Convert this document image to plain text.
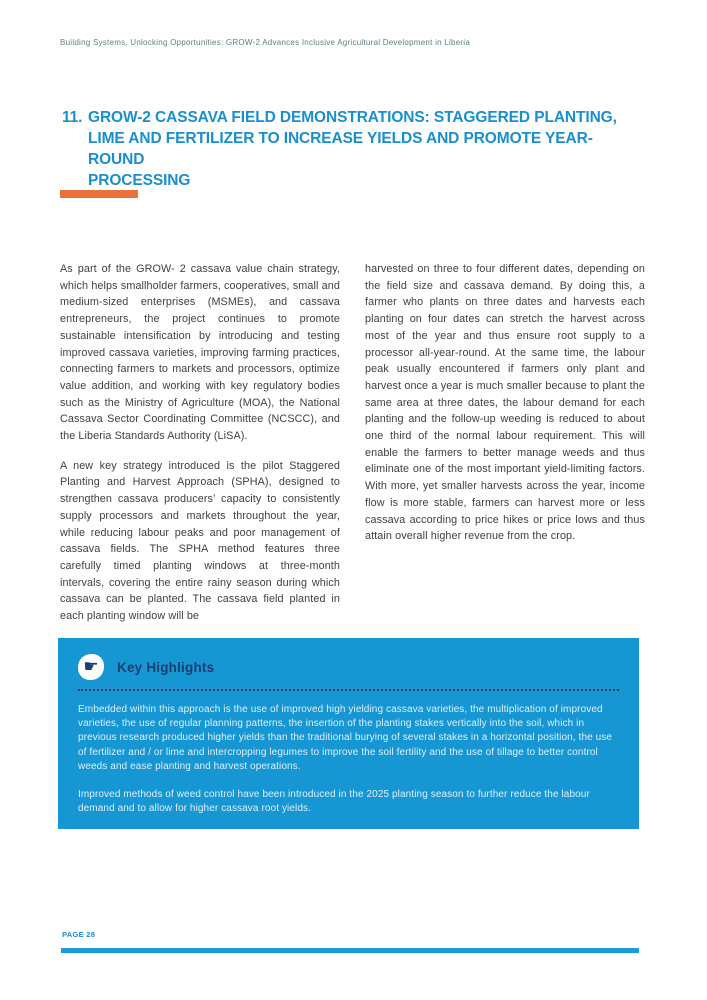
Building Systems, Unlocking Opportunities: GROW-2 Advances Inclusive Agricultural Development in Liberia
11. GROW-2 CASSAVA FIELD DEMONSTRATIONS: STAGGERED PLANTING,
LIME AND FERTILIZER TO INCREASE YIELDS AND PROMOTE YEAR-ROUND
PROCESSING

As part of the GROW- 2 cassava value chain strategy, which helps smallholder farmers, cooperatives, small and medium-sized enterprises (MSMEs), and cassava entrepreneurs, the project continues to promote sustainable intensification by introducing and testing improved cassava varieties, improving farming practices, connecting farmers to markets and processors, optimize value addition, and working with key regulatory bodies such as the Ministry of Agriculture (MOA), the National Cassava Sector Coordinating Committee (NCSCC), and the Liberia Standards Authority (LiSA).

A new key strategy introduced is the pilot Staggered Planting and Harvest Approach (SPHA), designed to strengthen cassava producers’ capacity to consistently supply processors and markets throughout the year, while reducing labour peaks and poor management of cassava fields. The SPHA method features three carefully timed planting windows at three-month intervals, covering the entire rainy season during which cassava can be planted. The cassava field planted in each planting window will be

harvested on three to four different dates, depending on the field size and cassava demand. By doing this, a farmer who plants on three dates and harvests each planting on four dates can stretch the harvest across most of the year and thus ensure root supply to a processor all-year-round. At the same time, the labour peak usually encountered if farmers only plant and harvest once a year is much smaller because to plant the same area at three dates, the labour demand for each planting and the follow-up weeding is reduced to about one third of the normal labour requirement. This will enable the farmers to better manage weeds and thus eliminate one of the most important yield-limiting factors. With more, yet smaller harvests across the year, income flow is more stable, farmers can harvest more or less cassava according to price hikes or price lows and thus attain overall higher revenue from the crop.

☛	Key Highlights

Embedded within this approach is the use of improved high yielding cassava varieties, the multiplication of improved varieties, the use of regular planning patterns, the insertion of the planting stakes vertically into the soil, which in previous research produced higher yields than the traditional burying of several stakes in a horizontal position, the use of fertilizer and / or lime and intercropping legumes to improve the soil fertility and the use of tillage to better control weeds and ease planting and harvest operations.

Improved methods of weed control have been introduced in the 2025 planting season to further reduce the labour demand and to allow for higher cassava root yields.

PAGE 28
